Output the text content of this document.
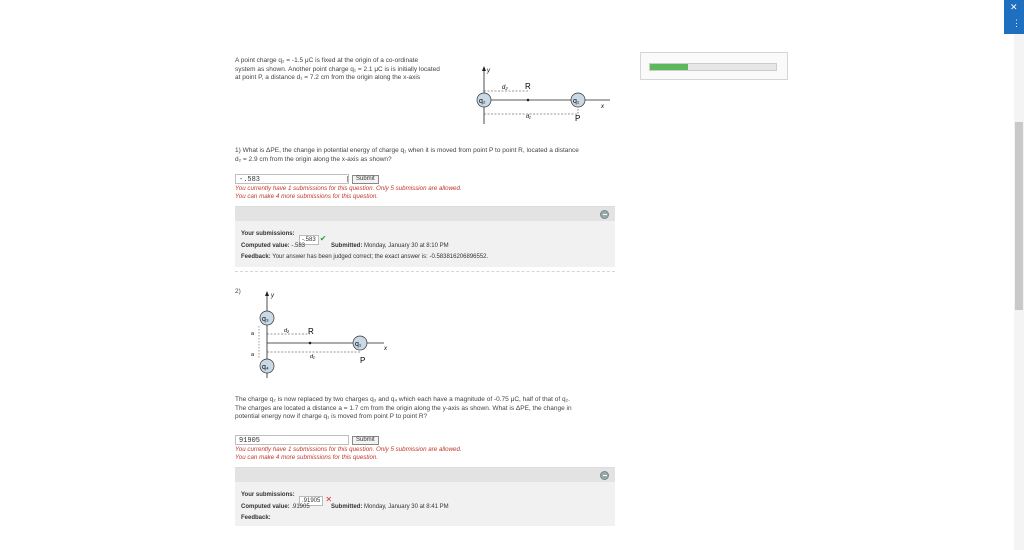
✕
⋮
A point charge q₂ = -1.5 μC is fixed at the origin of a co-ordinate
system as shown. Another point charge q₁ = 2.1 μC is is initially located
at point P, a distance d₁ = 7.2 cm from the origin along the x-axis
y
x
d₂ R
d₁	P
q₂	q₁
1) What is ΔPE, the change in potential energy of charge q₁ when it is moved from point P to point R, located a distance
d₂ = 2.9 cm from the origin along the x-axis as shown?
-.583	Submit
You currently have 1 submissions for this question. Only 5 submission are allowed.
You can make 4 more submissions for this question.
Your submissions:
-.583 ✔
Computed value: -.583	Submitted: Monday, January 30 at 8:10 PM
Feedback: Your answer has been judged correct; the exact answer is: -0.583816206896552.
2)
y
x
q₃
q₄
a
a
d₂ R
d₁
q₁
P
The charge q₂ is now replaced by two charges q₃ and q₄ which each have a magnitude of -0.75 μC, half of that of q₂.
The charges are located a distance a = 1.7 cm from the origin along the y-axis as shown. What is ΔPE, the change in
potential energy now if charge q₁ is moved from point P to point R?
91905	Submit
You currently have 1 submissions for this question. Only 5 submission are allowed.
You can make 4 more submissions for this question.
Your submissions:
.91905 ✕
Computed value: .91905	Submitted: Monday, January 30 at 8:41 PM
Feedback:
